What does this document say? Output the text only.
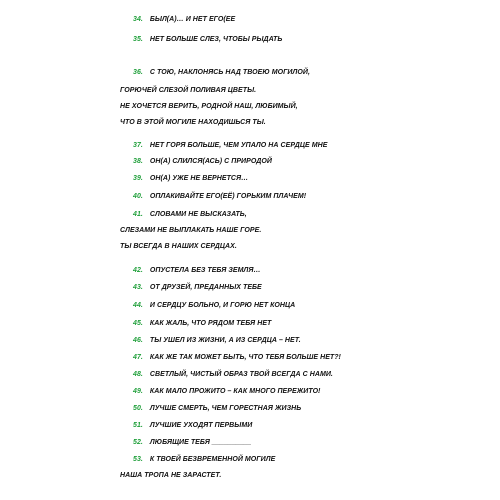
34. БЫЛ(А)… И НЕТ ЕГО(ЕЕ
35. НЕТ БОЛЬШЕ СЛЕЗ, ЧТОБЫ РЫДАТЬ
36. С ТОЮ, НАКЛОНЯСЬ НАД ТВОЕЮ МОГИЛОЙ,
ГОРЮЧЕЙ СЛЕЗОЙ ПОЛИВАЯ ЦВЕТЫ.
НЕ ХОЧЕТСЯ ВЕРИТЬ, РОДНОЙ НАШ, ЛЮБИМЫЙ,
ЧТО В ЭТОЙ МОГИЛЕ НАХОДИШЬСЯ ТЫ.
37. НЕТ ГОРЯ БОЛЬШЕ, ЧЕМ УПАЛО НА СЕРДЦЕ МНЕ
38. ОН(А) СЛИЛСЯ(АСЬ) С ПРИРОДОЙ
39. ОН(А) УЖЕ НЕ ВЕРНЕТСЯ…
40. ОПЛАКИВАЙТЕ ЕГО(ЕЁ) ГОРЬКИМ ПЛАЧЕМ!
41. СЛОВАМИ НЕ ВЫСКАЗАТЬ,
СЛЕЗАМИ НЕ ВЫПЛАКАТЬ НАШЕ ГОРЕ.
ТЫ ВСЕГДА В НАШИХ СЕРДЦАХ.
42. ОПУСТЕЛА БЕЗ ТЕБЯ ЗЕМЛЯ…
43. ОТ ДРУЗЕЙ, ПРЕДАННЫХ ТЕБЕ
44. И СЕРДЦУ БОЛЬНО, И ГОРЮ НЕТ КОНЦА
45. КАК ЖАЛЬ, ЧТО РЯДОМ ТЕБЯ НЕТ
46. ТЫ УШЕЛ ИЗ ЖИЗНИ, А ИЗ СЕРДЦА – НЕТ.
47. КАК ЖЕ ТАК МОЖЕТ БЫТЬ, ЧТО ТЕБЯ БОЛЬШЕ НЕТ?!
48. СВЕТЛЫЙ, ЧИСТЫЙ ОБРАЗ ТВОЙ ВСЕГДА С НАМИ.
49. КАК МАЛО ПРОЖИТО – КАК МНОГО ПЕРЕЖИТО!
50. ЛУЧШЕ СМЕРТЬ, ЧЕМ ГОРЕСТНАЯ ЖИЗНЬ
51. ЛУЧШИЕ УХОДЯТ ПЕРВЫМИ
52. ЛЮБЯЩИЕ ТЕБЯ __________
53. К ТВОЕЙ БЕЗВРЕМЕННОЙ МОГИЛЕ
НАША ТРОПА НЕ ЗАРАСТЕТ.
